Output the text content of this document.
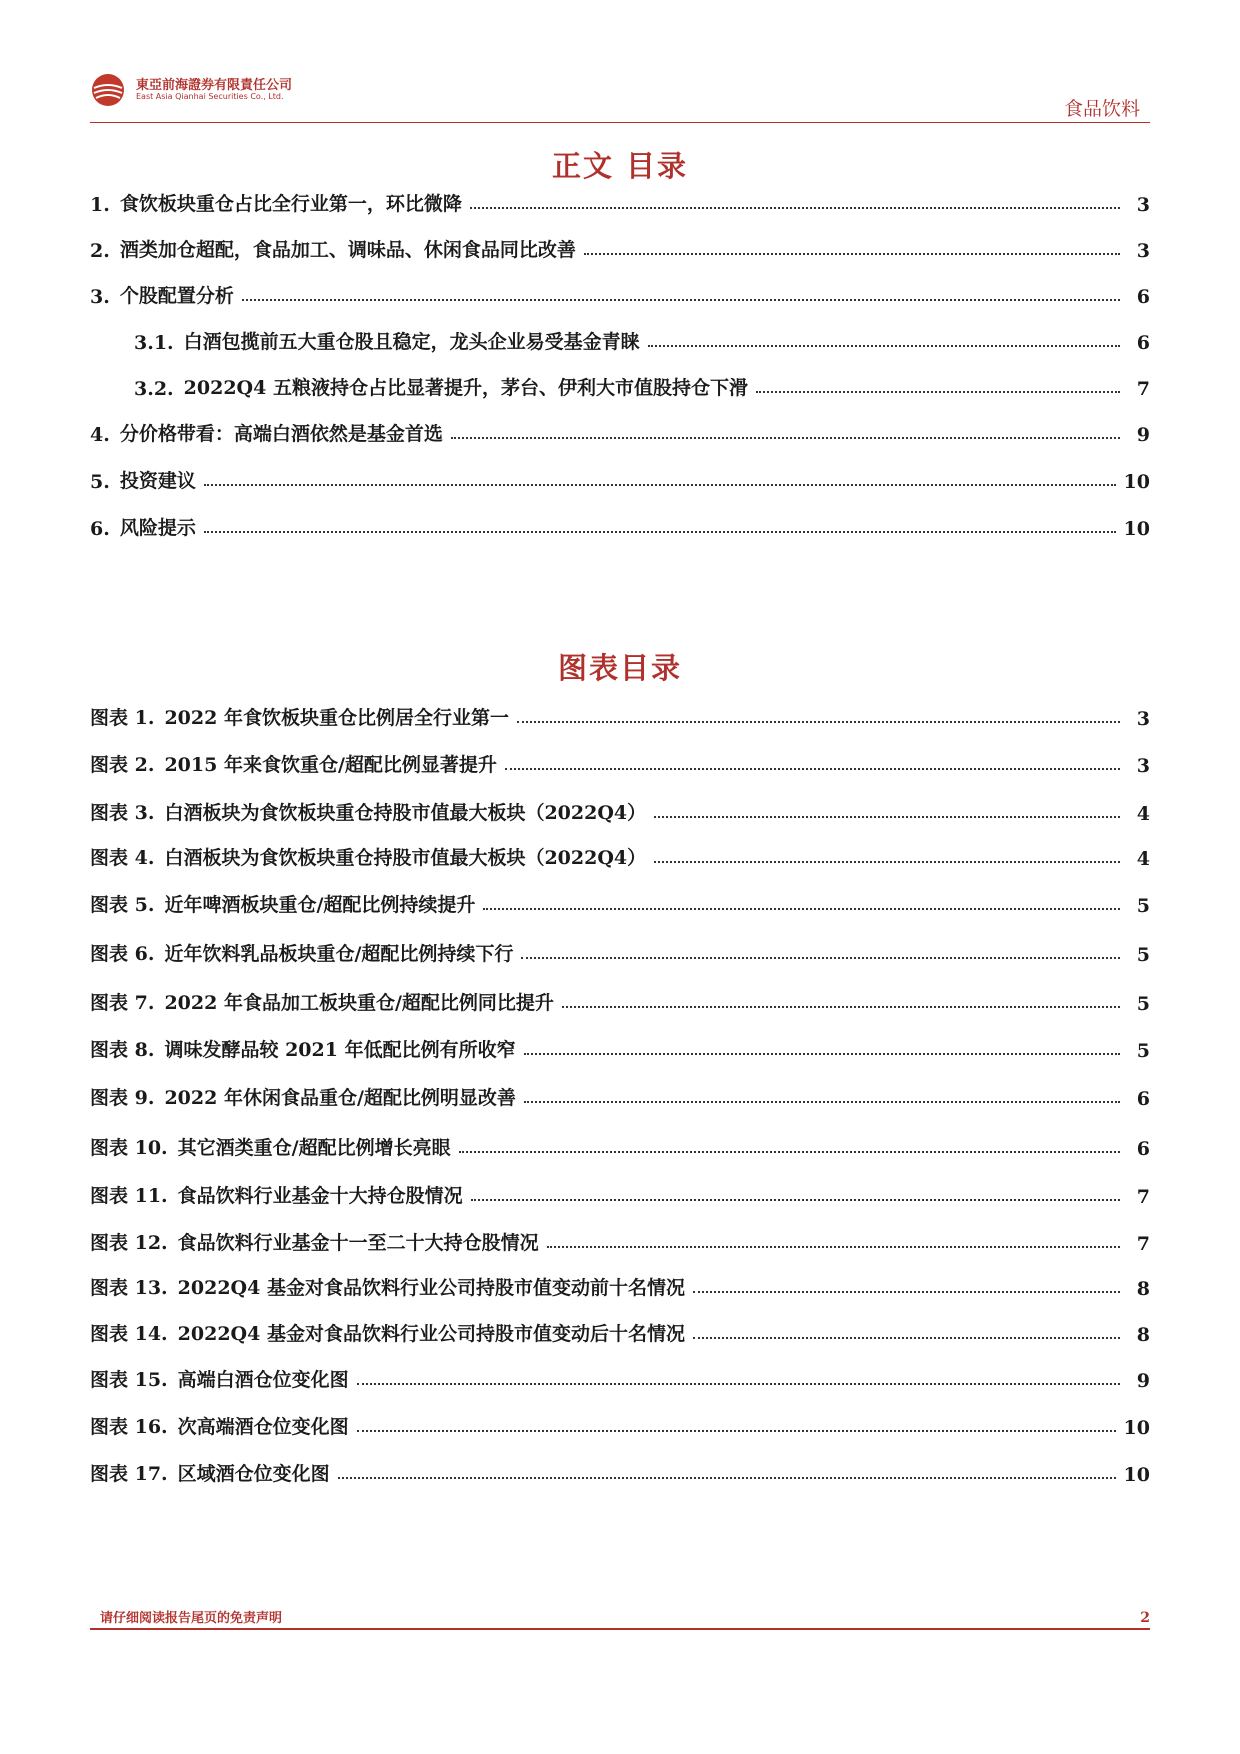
東亞前海證券有限責任公司
East Asia Qianhai Securities Co., Ltd.
食品饮料
正文 目录
1. 食饮板块重仓占比全行业第一，环比微降	3
2. 酒类加仓超配，食品加工、调味品、休闲食品同比改善	3
3. 个股配置分析	6
3.1. 白酒包揽前五大重仓股且稳定，龙头企业易受基金青睐	6
3.2. 2022Q4 五粮液持仓占比显著提升，茅台、伊利大市值股持仓下滑	7
4. 分价格带看：高端白酒依然是基金首选	9
5. 投资建议	10
6. 风险提示	10
图表目录
图表 1. 2022 年食饮板块重仓比例居全行业第一	3
图表 2. 2015 年来食饮重仓/超配比例显著提升	3
图表 3. 白酒板块为食饮板块重仓持股市值最大板块（2022Q4）	4
图表 4. 白酒板块为食饮板块重仓持股市值最大板块（2022Q4）	4
图表 5. 近年啤酒板块重仓/超配比例持续提升	5
图表 6. 近年饮料乳品板块重仓/超配比例持续下行	5
图表 7. 2022 年食品加工板块重仓/超配比例同比提升	5
图表 8. 调味发酵品较 2021 年低配比例有所收窄	5
图表 9. 2022 年休闲食品重仓/超配比例明显改善	6
图表 10. 其它酒类重仓/超配比例增长亮眼	6
图表 11. 食品饮料行业基金十大持仓股情况	7
图表 12. 食品饮料行业基金十一至二十大持仓股情况	7
图表 13. 2022Q4 基金对食品饮料行业公司持股市值变动前十名情况	8
图表 14. 2022Q4 基金对食品饮料行业公司持股市值变动后十名情况	8
图表 15. 高端白酒仓位变化图	9
图表 16. 次高端酒仓位变化图	10
图表 17. 区域酒仓位变化图	10
请仔细阅读报告尾页的免责声明	2
